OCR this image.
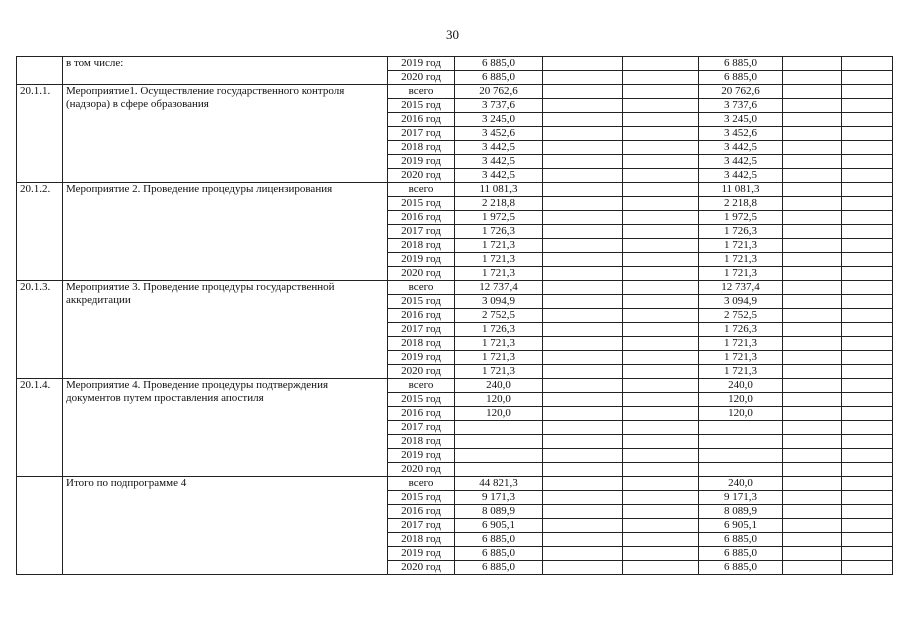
30
	в том числе:	2019 год	6 885,0			6 885,0		
		2020 год	6 885,0			6 885,0		
20.1.1.	Мероприятие1. Осуществление государственного контроля (надзора) в сфере образования	всего	20 762,6			20 762,6		
		2015 год	3 737,6			3 737,6		
		2016 год	3 245,0			3 245,0		
		2017 год	3 452,6			3 452,6		
		2018 год	3 442,5			3 442,5		
		2019 год	3 442,5			3 442,5		
		2020 год	3 442,5			3 442,5		
20.1.2.	Мероприятие 2. Проведение процедуры лицензирования	всего	11 081,3			11 081,3		
		2015 год	2 218,8			2 218,8		
		2016 год	1 972,5			1 972,5		
		2017 год	1 726,3			1 726,3		
		2018 год	1 721,3			1 721,3		
		2019 год	1 721,3			1 721,3		
		2020 год	1 721,3			1 721,3		
20.1.3.	Мероприятие 3. Проведение процедуры государственной аккредитации	всего	12 737,4			12 737,4		
		2015 год	3 094,9			3 094,9		
		2016 год	2 752,5			2 752,5		
		2017 год	1 726,3			1 726,3		
		2018 год	1 721,3			1 721,3		
		2019 год	1 721,3			1 721,3		
		2020 год	1 721,3			1 721,3		
20.1.4.	Мероприятие 4. Проведение процедуры подтверждения документов путем проставления апостиля	всего	240,0			240,0		
		2015 год	120,0			120,0		
		2016 год	120,0			120,0		
		2017 год						
		2018 год						
		2019 год						
		2020 год						
	Итого по подпрограмме 4	всего	44 821,3			240,0		
		2015 год	9 171,3			9 171,3		
		2016 год	8 089,9			8 089,9		
		2017 год	6 905,1			6 905,1		
		2018 год	6 885,0			6 885,0		
		2019 год	6 885,0			6 885,0		
		2020 год	6 885,0			6 885,0		
